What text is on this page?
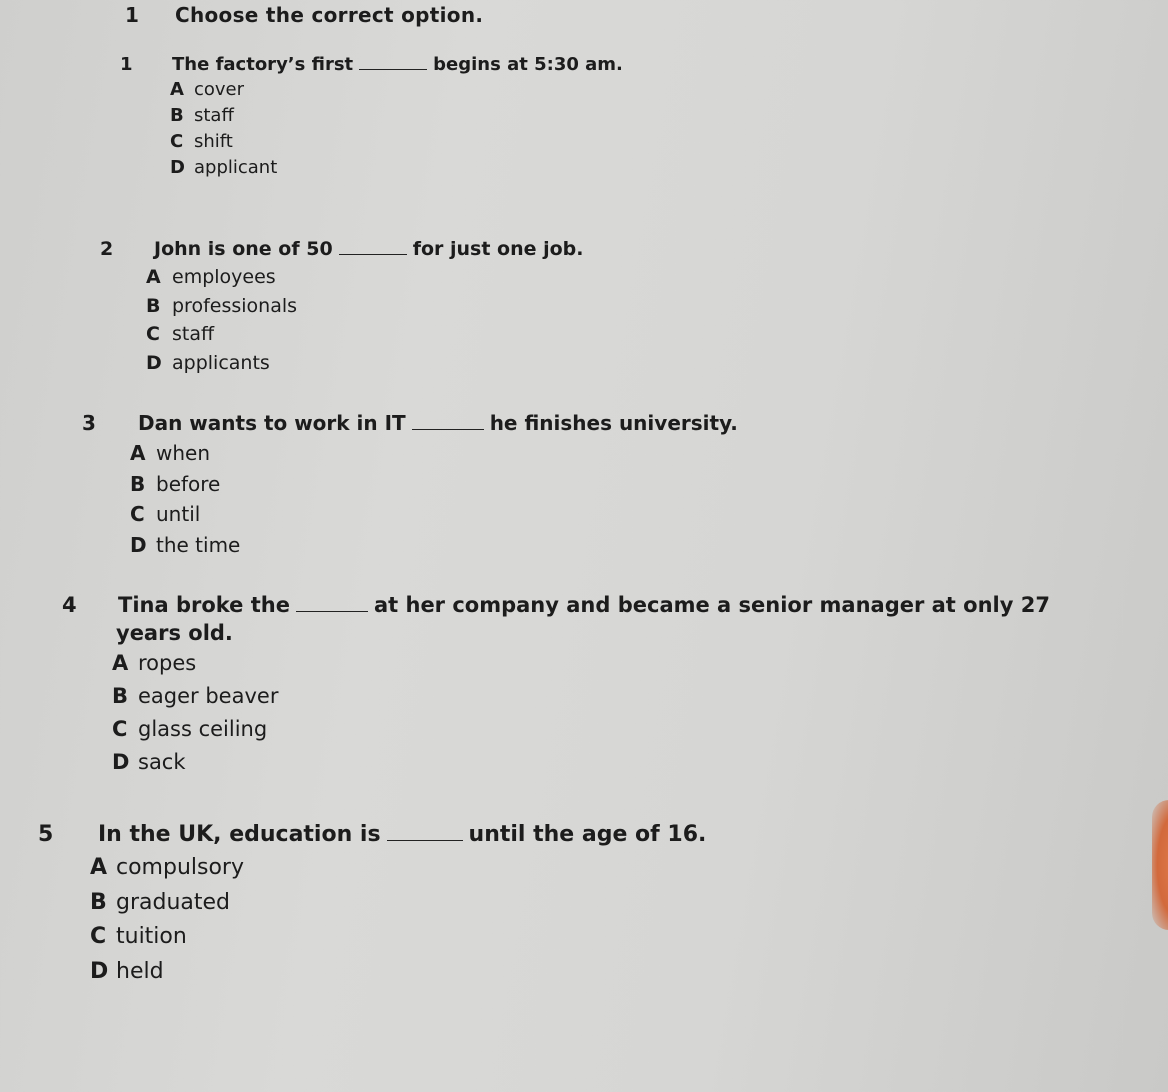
1 Choose the correct option.
1	The factory’s first	begins at 5:30 am.
A cover
B staff
C shift
D applicant
2	John is one of 50	for just one job.
A employees
B professionals
C staff
D applicants
3	Dan wants to work in IT	he finishes university.
A when
B before
C until
D the time
4	Tina broke the	at her company and became a senior manager at only 27
years old.
A ropes
B eager beaver
C glass ceiling
D sack
5	In the UK, education is	until the age of 16.
A compulsory
B graduated
C tuition
D held
